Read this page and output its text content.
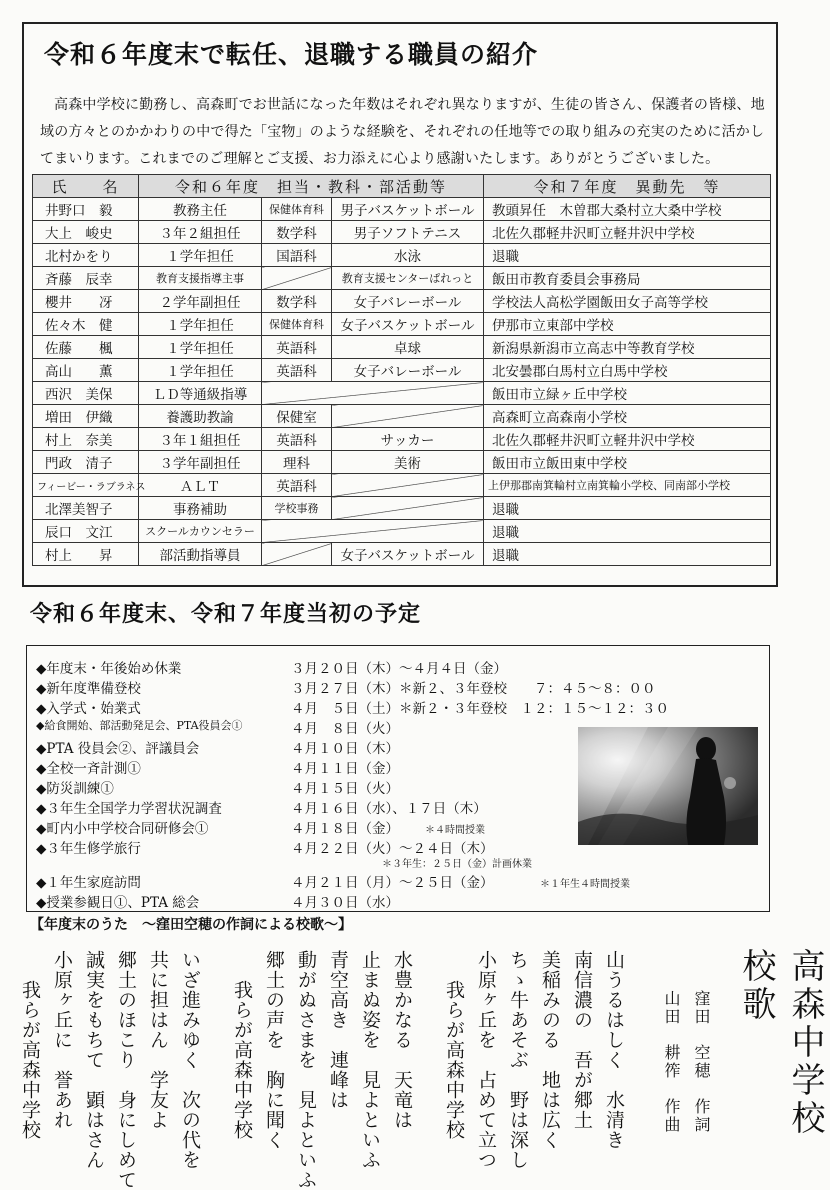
令和６年度末で転任、退職する職員の紹介
高森中学校に勤務し、高森町でお世話になった年数はそれぞれ異なりますが、生徒の皆さん、保護者の皆様、地域の方々とのかかわりの中で得た「宝物」のような経験を、それぞれの任地等での取り組みの充実のために活かしてまいります。これまでのご理解とご支援、お力添えに心より感謝いたします。ありがとうございました。
氏　　名	令和６年度　担当・教科・部活動等			令和７年度　異動先　等
井野口　毅	教務主任	保健体育科	男子バスケットボール	教頭昇任　木曽郡大桑村立大桑中学校
大上　峻史	３年２組担任	数学科	男子ソフトテニス	北佐久郡軽井沢町立軽井沢中学校
北村かをり	１学年担任	国語科	水泳	退職
斉藤　辰幸	教育支援指導主事		教育支援センターぱれっと	飯田市教育委員会事務局
櫻井　　冴	２学年副担任	数学科	女子バレーボール	学校法人高松学園飯田女子高等学校
佐々木　健	１学年担任	保健体育科	女子バスケットボール	伊那市立東部中学校
佐藤　　楓	１学年担任	英語科	卓球	新潟県新潟市立高志中等教育学校
高山　　薫	１学年担任	英語科	女子バレーボール	北安曇郡白馬村立白馬中学校
西沢　美保	ＬＤ等通級指導			飯田市立緑ヶ丘中学校
増田　伊織	養護助教諭	保健室		高森町立高森南小学校
村上　奈美	３年１組担任	英語科	サッカー	北佐久郡軽井沢町立軽井沢中学校
門政　清子	３学年副担任	理科	美術	飯田市立飯田東中学校
フィービー・ラブラネス	ＡＬＴ	英語科		上伊那郡南箕輪村立南箕輪小学校、同南部小学校
北澤美智子	事務補助	学校事務		退職
辰口　文江	スクールカウンセラー			退職
村上　　昇	部活動指導員		女子バスケットボール	退職
令和６年度末、令和７年度当初の予定
◆年度末・年後始め休業	３月２０日（木）～４月４日（金）
◆新年度準備登校	３月２７日（木）＊新２、３年登校　　７：４５～８：００
◆入学式・始業式	４月　５日（土）＊新２・３年登校　１２：１５～１２：３０
◆給食開始、部活動発足会、PTA役員会①	４月　８日（火）
◆PTA 役員会②、評議員会	４月１０日（木）
◆全校一斉計測①	４月１１日（金）
◆防災訓練①	４月１５日（火）
◆３年生全国学力学習状況調査	４月１６日（水）、１７日（木）
◆町内小中学校合同研修会①	４月１８日（金）
◆３年生修学旅行	４月２２日（火）～２４日（木）
◆１年生家庭訪問	４月２１日（月）～２５日（金）
◆授業参観日①、PTA 総会	４月３０日（水）
＊４時間授業
＊３年生：２５日（金）計画休業
＊１年生４時間授業
【年度末のうた　～窪田空穂の作詞による校歌～】
高森中学校校歌
窪田　空穂　作詞
山田　耕筰　作曲
山うるはしく　水清き
南信濃の　吾が郷土
美稲みのる　地は広く
ちゝ牛あそぶ　野は深し
小原ヶ丘を　占めて立つ
我らが高森中学校
水豊かなる　天竜は
止まぬ姿を　見よといふ
青空高き　連峰は
動がぬさまを　見よといふ
郷土の声を　胸に聞く
我らが高森中学校
いざ進みゆく　次の代を
共に担はん　学友よ
郷土のほこり　身にしめて
誠実をもちて　顕はさん
小原ヶ丘に　誉あれ
我らが高森中学校
